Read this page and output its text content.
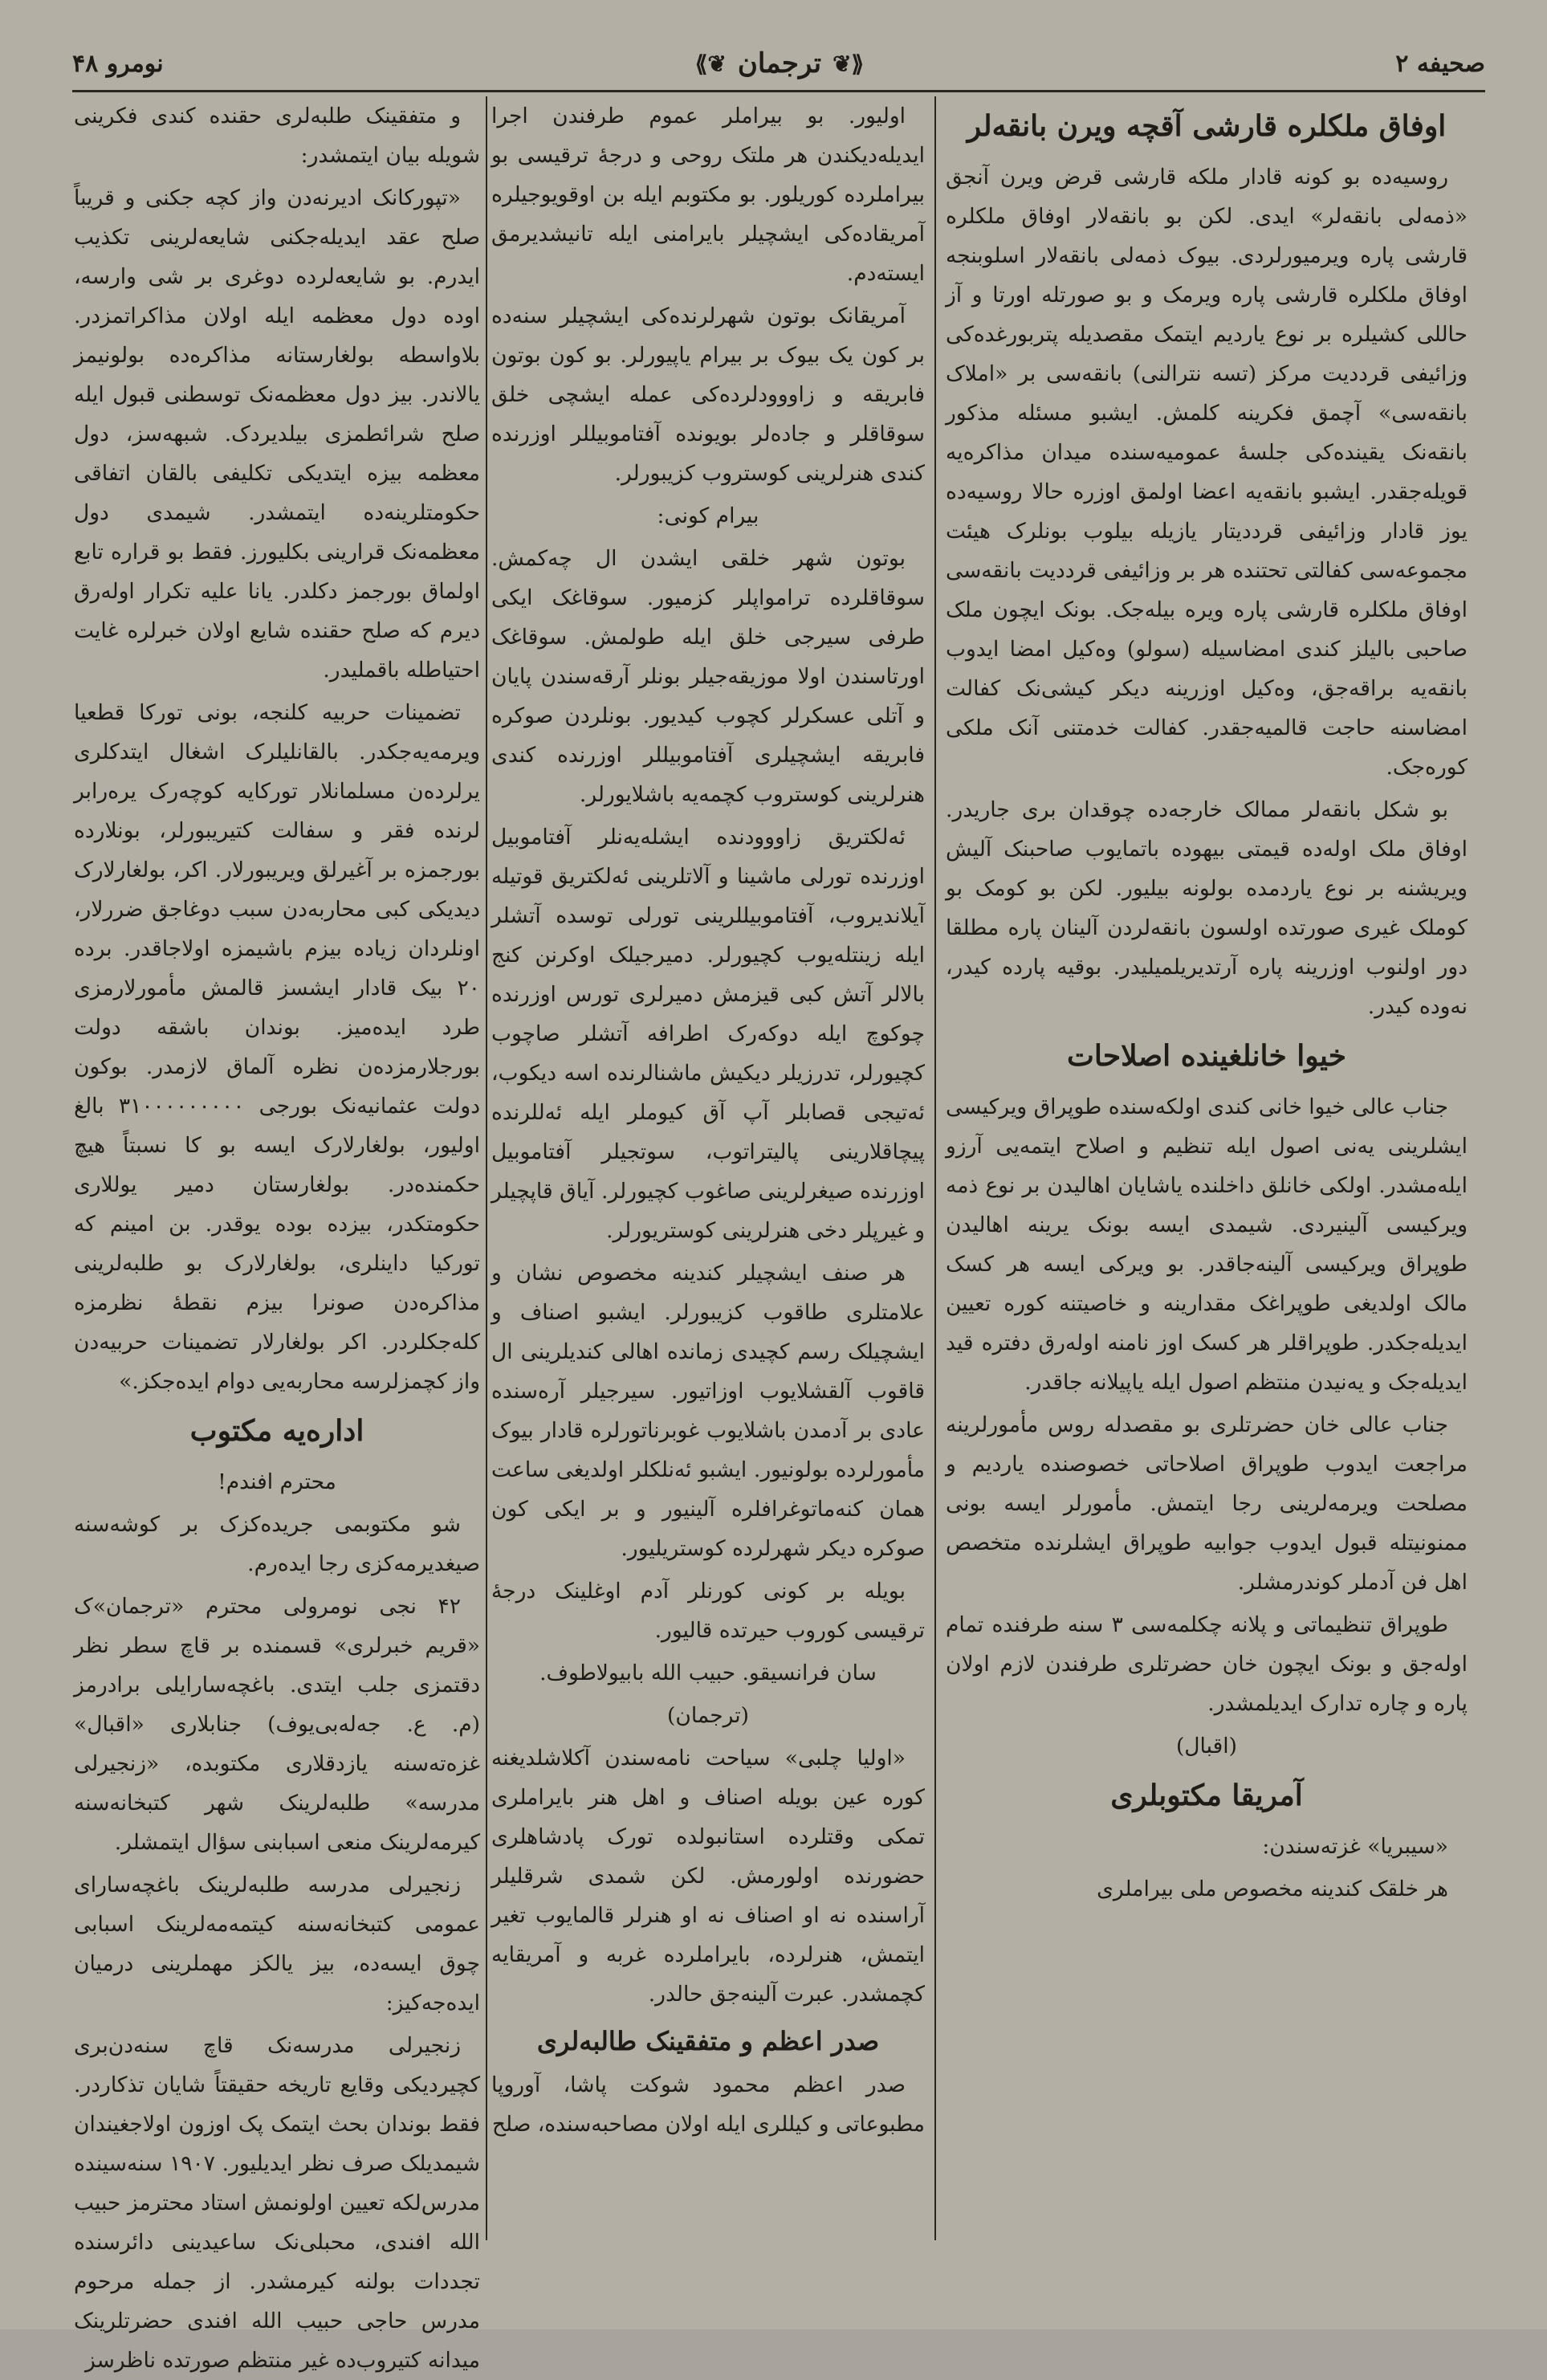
صحیفه ۲
⟪❦
ترجمان
❦⟫
نومرو ۴۸
اوفاق ملکلره قارشی آقچه ویرن بانقه‌لر

روسیه‌ده بو کونه قادار ملکه قارشی قرض ویرن آنجق «ذمه‌لی بانقه‌لر» ایدی. لکن بو بانقه‌لار اوفاق ملکلره قارشی پاره ویرمیورلردی. بیوک ذمه‌لی بانقه‌لار اسلوبنجه اوفاق ملکلره قارشی پاره ویرمک و بو صورتله اورتا و آز حاللی کشیلره بر نوع یاردیم ایتمک مقصدیله پتربورغده‌کی وزائیفی قرددیت مرکز (تسه نترالنی) بانقه‌سی بر «املاک بانقه‌سی» آچمق فکرینه کلمش. ایشبو مسئله مذکور بانقه‌نک یقینده‌کی جلسۀ عمومیه‌سنده میدان مذاکره‌یه قویله‌جقدر. ایشبو بانقه‌یه اعضا اولمق اوزره حالا روسیه‌ده یوز قادار وزائیفی قرددیتار یازیله بیلوب بونلرک هیئت مجموعه‌سی کفالتی تحتنده هر بر وزائیفی قرددیت بانقه‌سی اوفاق ملکلره قارشی پاره ویره بیله‌جک. بونک ایچون ملک صاحبی بالیلز کندی امضاسیله (سولو) وه‌کیل امضا ایدوب بانقه‌یه براقه‌جق، وه‌کیل اوزرینه دیکر کیشی‌نک کفالت امضاسنه حاجت قالمیه‌جقدر. کفالت خدمتنی آنک ملکی کوره‌جک.

بو شکل بانقه‌لر ممالک خارجه‌ده چوقدان بری جاریدر. اوفاق ملک اوله‌ده قیمتی بیهوده باتمایوب صاحبنک آلیش ویریشنه بر نوع یاردمده بولونه بیلیور. لکن بو کومک بو کوملک غیری صورتده اولسون بانقه‌لردن آلینان پاره مطلقا دور اولنوب اوزرینه پاره آرتدیریلمیلیدر. بوقیه پارده کیدر، نه‌وده کیدر.

خیوا خانلغینده اصلاحات

جناب عالی خیوا خانی کندی اولکه‌سنده طوپراق ویرکیسی ایشلرینی یه‌نی اصول ایله تنظیم و اصلاح ایتمه‌یی آرزو ایله‌مشدر. اولکی خانلق داخلنده یاشایان اهالیدن بر نوع ذمه ویرکیسی آلینیردی. شیمدی ایسه بونک یرینه اهالیدن طوپراق ویرکیسی آلینه‌جاقدر. بو ویرکی ایسه هر کسک مالک اولدیغی طوپراغک مقدارینه و خاصیتنه کوره تعیین ایدیله‌جکدر. طوپراقلر هر کسک اوز نامنه اوله‌رق دفتره قید ایدیله‌جک و یه‌نیدن منتظم اصول ایله یاپیلانه جاقدر.

جناب عالی خان حضرتلری بو مقصدله روس مأمورلرینه مراجعت ایدوب طوپراق اصلاحاتی خصوصنده یاردیم و مصلحت ویرمه‌لرینی رجا ایتمش. مأمورلر ایسه بونی ممنونیتله قبول ایدوب جوابیه طوپراق ایشلرنده متخصص اهل فن آدملر کوندرمشلر.

طوپراق تنظیماتی و پلانه چکلمه‌سی ۳ سنه طرفنده تمام اوله‌جق و بونک ایچون خان حضرتلری طرفندن لازم اولان پاره و چاره تدارک ایدیلمشدر.

(اقبال)

آمریقا مکتوبلری

«سیبریا» غزته‌سندن:

هر خلقک کندینه مخصوص ملی بیراملری

اولیور. بو بیراملر عموم طرفندن اجرا ایدیله‌دیکندن هر ملتک روحی و درجۀ ترقیسی بو بیراملرده کوریلور. بو مکتوبم ایله بن اوقویوجیلره آمریقاده‌کی ایشچیلر بایرامنی ایله تانیشدیرمق ایسته‌دم.

آمریقانک بوتون شهرلرنده‌کی ایشچیلر سنه‌ده بر کون یک بیوک بر بیرام یاپیورلر. بو کون بوتون فابریقه و زاووودلرده‌کی عمله ایشچی خلق سوقاقلر و جاده‌لر بویونده آفتاموبیللر اوزرنده کندی هنرلرینی کوستروب کزیبورلر.

بیرام کونی:

بوتون شهر خلقی ایشدن ال چه‌کمش. سوقاقلرده ترامواپلر کزمیور. سوقاغک ایکی طرفی سیرجی خلق ایله طولمش. سوقاغک اورتاسندن اولا موزیقه‌جیلر بونلر آرقه‌سندن پایان و آتلی عسکرلر کچوب کیدیور. بونلردن صوکره فابریقه ایشچیلری آفتاموبیللر اوزرنده کندی هنرلرینی کوستروب کچمه‌یه باشلایورلر.

ئه‌لکتریق زاووودنده ایشله‌یه‌نلر آفتاموبیل اوزرنده تورلی ماشینا و آلاتلرینی ئه‌لکتریق قوتیله آیلاندیروب، آفتاموبیللرینی تورلی توسده آتشلر ایله زینتله‌یوب کچیورلر. دمیرجیلک اوکرنن کنج بالالر آتش کبی قیزمش دمیرلری تورس اوزرنده چوکوچ ایله دوکه‌رک اطرافه آتشلر صاچوب کچیورلر، تدرزیلر دیکیش ماشنالرنده اسه دیکوب، ئه‌تیجی قصابلر آپ آق کیوملر ایله ئه‌للرنده پیچاقلارینی پالیتراتوب، سوتجیلر آفتاموبیل اوزرنده صیغرلرینی صاغوب کچیورلر. آیاق قاپچیلر و غیرپلر دخی هنرلرینی کوستریورلر.

هر صنف ایشچیلر کندینه مخصوص نشان و علامتلری طاقوب کزیبورلر. ایشبو اصناف و ایشچیلک رسم کچیدی زمانده اهالی کندیلرینی ال قاقوب آلقشلایوب اوزاتیور. سیرجیلر آره‌سنده عادی بر آدمدن باشلایوب غوبرناتورلره قادار بیوک مأمورلرده بولونیور. ایشبو ئه‌نلکلر اولدیغی ساعت همان کنه‌ماتوغرافلره آلینیور و بر ایکی کون صوکره دیکر شهرلرده کوستریلیور.

بویله بر کونی کورنلر آدم اوغلینک درجۀ ترقیسی کوروب حیرتده قالیور.

سان فرانسیقو. حبیب الله بابیولاطوف.

(ترجمان)

«اولیا چلبی» سیاحت نامه‌سندن آکلاشلدیغنه کوره عین بویله اصناف و اهل هنر بایراملری تمکی وقتلرده استانبولده تورک پادشاهلری حضورنده اولورمش. لکن شمدی شرقلیلر آراسنده نه او اصناف نه او هنرلر قالمایوب تغیر ایتمش، هنرلرده، بایراملرده غربه و آمریقایه کچمشدر. عبرت آلینه‌جق حالدر.

صدر اعظم و متفقینک طالبه‌لری

صدر اعظم محمود شوکت پاشا، آوروپا مطبوعاتی و کیللری ایله اولان مصاحبه‌سنده، صلح

و متفقینک طلبه‌لری حقنده کندی فکرینی شویله بیان ایتمشدر:

«تپورکانک ادیرنه‌دن واز کچه جکنی و قریباً صلح عقد ایدیله‌جکنی شایعه‌لرینی تکذیب ایدرم. بو شایعه‌لرده دوغری بر شی وارسه، اوده دول معظمه ایله اولان مذاکراتمزدر. بلاواسطه بولغارستانه مذاکره‌ده بولونیمز یالاندر. بیز دول معظمه‌نک توسطنی قبول ایله صلح شرائطمزی بیلدیردک. شبهه‌سز، دول معظمه بیزه ایتدیکی تکلیفی بالقان اتفاقی حکومتلرینه‌ده ایتمشدر. شیمدی دول معظمه‌نک قرارینی بکلیورز. فقط بو قراره تابع اولماق بورجمز دکلدر. یانا علیه تکرار اوله‌رق دیرم که صلح حقنده شایع اولان خبرلره غایت احتیاطله باقملیدر.

تضمینات حربیه کلنجه، بونی تورکا قطعیا ویرمه‌یه‌جکدر. بالقانلیلرک اشغال ایتدکلری یرلرده‌ن مسلمانلار تورکایه کوچه‌رک یره‌رابر لرنده فقر و سفالت کتیریبورلر، بونلارده بورجمزه بر آغیرلق ویریبورلار. اکر، بولغارلارک دیدیکی کبی محاربه‌دن سبب دوغاجق ضررلار، اونلردان زیاده بیزم باشیمزه اولاجاقدر. برده ۲۰ بیک قادار ایشسز قالمش مأمورلارمزی طرد ایده‌میز. بوندان باشقه دولت بورجلارمزده‌ن نظره آلماق لازمدر. بوکون دولت عثمانیه‌نک بورجی ۳۱۰۰۰۰۰۰۰۰۰ بالغ اولیور، بولغارلارک ایسه بو کا نسبتاً هیچ حکمنده‌در. بولغارستان دمیر یوللاری حکومتکدر، بیزده بوده یوقدر. بن امینم که تورکیا داینلری، بولغارلارک بو طلبه‌لرینی مذاکره‌دن صونرا بیزم نقطۀ نظرمزه کله‌جکلردر. اکر بولغارلار تضمینات حربیه‌دن واز کچمزلرسه محاربه‌یی دوام ایده‌جکز.»

اداره‌یه مکتوب

محترم افندم!

شو مکتوبمی جریده‌کزک بر کوشه‌سنه صیغدیرمه‌کزی رجا ایده‌رم.

۴۲ نجی نومرولی محترم «ترجمان»ک «قریم خبرلری» قسمنده بر قاچ سطر نظر دقتمزی جلب ایتدی. باغچه‌سارایلی برادرمز (م. ع. جه‌له‌بی‌یوف) جنابلاری «اقبال» غزه‌ته‌سنه یازدقلاری مکتوبده، «زنجیرلی مدرسه» طلبه‌لرینک شهر کتبخانه‌سنه کیرمه‌لرینک منعی اسبابنی سؤال ایتمشلر.

زنجیرلی مدرسه طلبه‌لرینک باغچه‌سارای عمومی کتبخانه‌سنه کیتمه‌مه‌لرینک اسبابی چوق ایسه‌ده، بیز یالکز مهملرینی درمیان ایده‌جه‌کیز:

زنجیرلی مدرسه‌نک قاچ سنه‌دن‌بری کچیردیکی وقایع تاریخه حقیقتاً شایان تذکاردر. فقط بوندان بحث ایتمک پک اوزون اولاجغیندان شیمدیلک صرف نظر ایدیلیور. ۱۹۰۷ سنه‌سینده مدرس‌لکه تعیین اولونمش استاد محترمز حبیب الله افندی، محبلی‌نک ساعیدینی دائرسنده تجددات بولنه کیرمشدر. از جمله مرحوم مدرس حاجی حبیب الله افندی حضرتلرینک میدانه کتیروب‌ده غیر منتظم صورتده ناظرسز
